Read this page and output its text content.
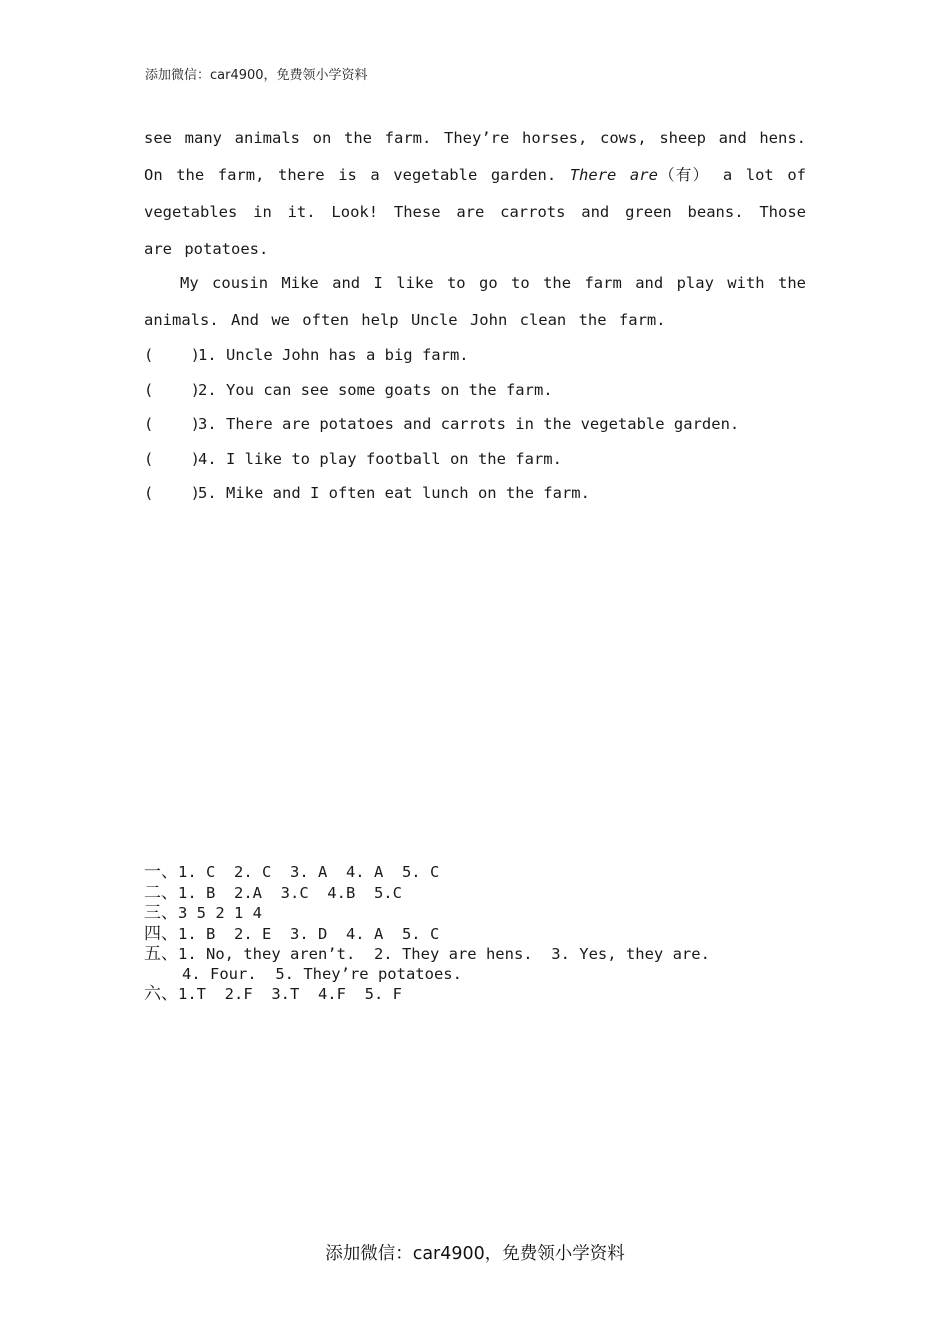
添加微信：car4900，免费领小学资料

see many animals on the farm. They’re horses, cows, sheep and hens. On the farm, there is a vegetable garden. There are（有） a lot of vegetables in it. Look! These are carrots and green beans. Those are potatoes.

My cousin Mike and I like to go to the farm and play with the animals. And we often help Uncle John clean the farm.

(    )1. Uncle John has a big farm.
(    )2. You can see some goats on the farm.
(    )3. There are potatoes and carrots in the vegetable garden.
(    )4. I like to play football on the farm.
(    )5. Mike and I often eat lunch on the farm.
一、1. C  2. C  3. A  4. A  5. C
二、1. B  2.A  3.C  4.B  5.C
三、3 5 2 1 4
四、1. B  2. E  3. D  4. A  5. C
五、1. No, they aren’t.  2. They are hens.  3. Yes, they are.
4. Four.  5. They’re potatoes.
六、1.T  2.F  3.T  4.F  5. F
添加微信：car4900，免费领小学资料
